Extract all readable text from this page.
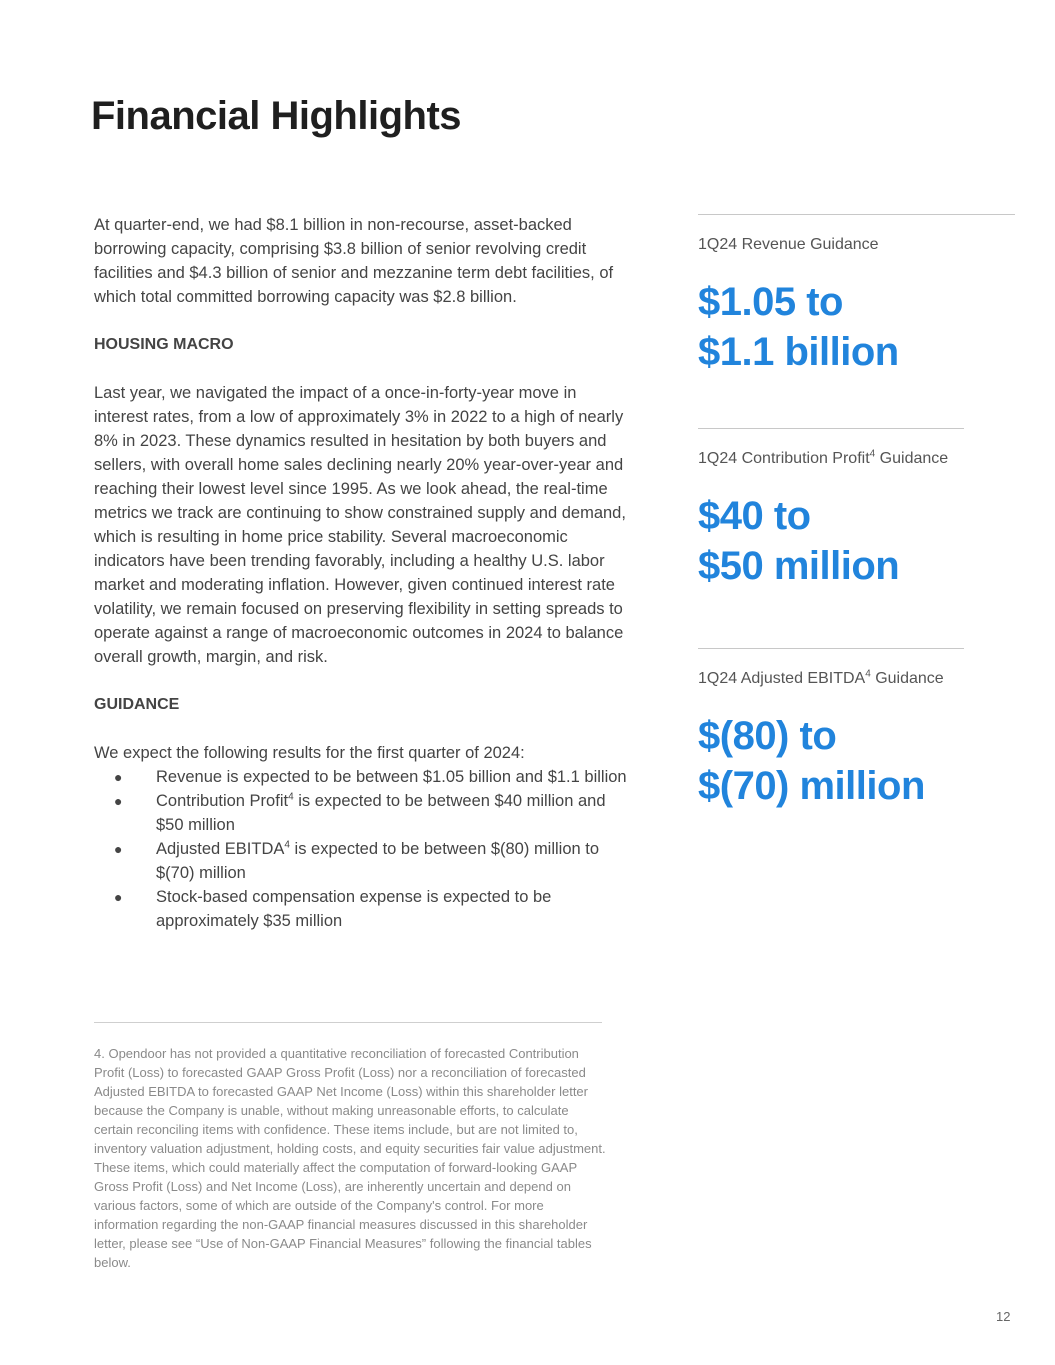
Financial Highlights

At quarter-end, we had $8.1 billion in non-recourse, asset-backed borrowing capacity, comprising $3.8 billion of senior revolving credit facilities and $4.3 billion of senior and mezzanine term debt facilities, of which total committed borrowing capacity was $2.8 billion.

HOUSING MACRO

Last year, we navigated the impact of a once-in-forty-year move in interest rates, from a low of approximately 3% in 2022 to a high of nearly 8% in 2023. These dynamics resulted in hesitation by both buyers and sellers, with overall home sales declining nearly 20% year-over-year and reaching their lowest level since 1995. As we look ahead, the real-time metrics we track are continuing to show constrained supply and demand, which is resulting in home price stability. Several macroeconomic indicators have been trending favorably, including a healthy U.S. labor market and moderating inflation. However, given continued interest rate volatility, we remain focused on preserving flexibility in setting spreads to operate against a range of macroeconomic outcomes in 2024 to balance overall growth, margin, and risk.

GUIDANCE

We expect the following results for the first quarter of 2024:

● Revenue is expected to be between $1.05 billion and $1.1 billion
● Contribution Profit$^4$ is expected to be between $40 million and $50 million
● Adjusted EBITDA$^4$ is expected to be between $(80) million to $(70) million
● Stock-based compensation expense is expected to be approximately $35 million

4. Opendoor has not provided a quantitative reconciliation of forecasted Contribution Profit (Loss) to forecasted GAAP Gross Profit (Loss) nor a reconciliation of forecasted Adjusted EBITDA to forecasted GAAP Net Income (Loss) within this shareholder letter because the Company is unable, without making unreasonable efforts, to calculate certain reconciling items with confidence. These items include, but are not limited to, inventory valuation adjustment, holding costs, and equity securities fair value adjustment. These items, which could materially affect the computation of forward-looking GAAP Gross Profit (Loss) and Net Income (Loss), are inherently uncertain and depend on various factors, some of which are outside of the Company's control. For more information regarding the non-GAAP financial measures discussed in this shareholder letter, please see “Use of Non-GAAP Financial Measures” following the financial tables below.

1Q24 Revenue Guidance
$1.05 to
$1.1 billion
1Q24 Contribution Profit$^4$ Guidance
$40 to
$50 million
1Q24 Adjusted EBITDA$^4$ Guidance
$(80) to
$(70) million
12
